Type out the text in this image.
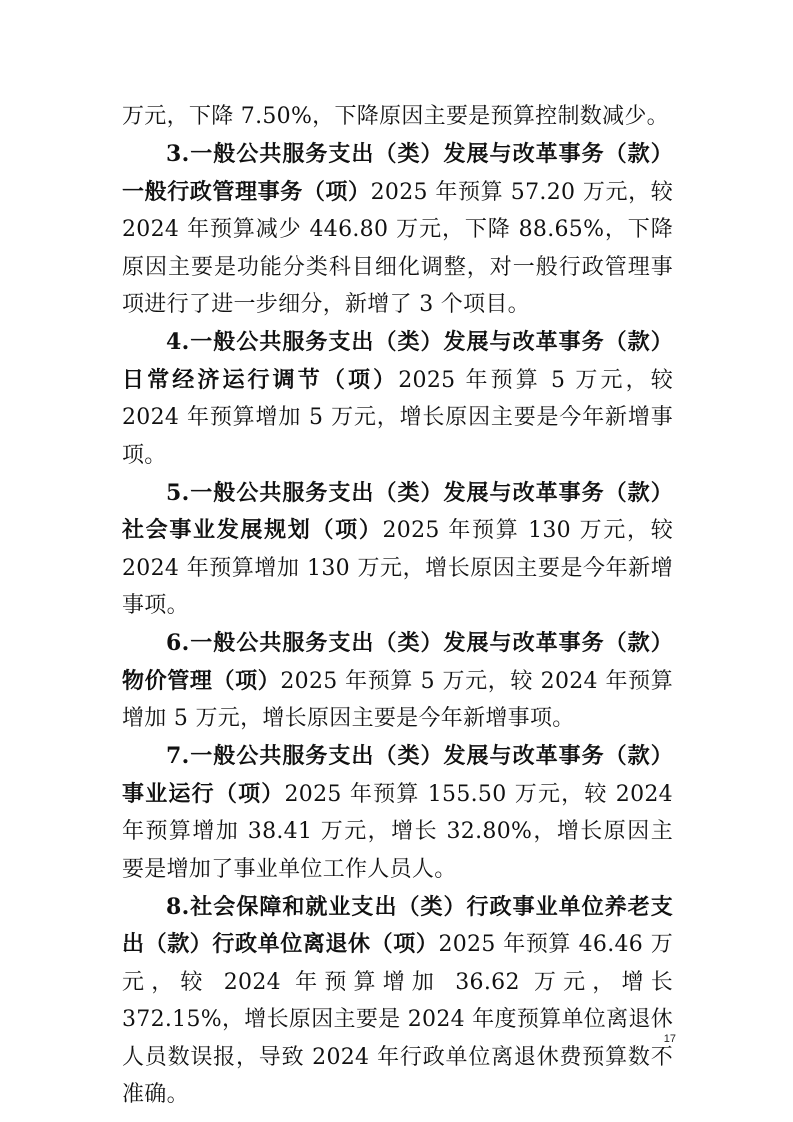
万元，下降 7.50%，下降原因主要是预算控制数减少。

3.一般公共服务支出（类）发展与改革事务（款）一般行政管理事务（项）2025 年预算 57.20 万元，较 2024 年预算减少 446.80 万元，下降 88.65%，下降原因主要是功能分类科目细化调整，对一般行政管理事项进行了进一步细分，新增了 3 个项目。

4.一般公共服务支出（类）发展与改革事务（款）日常经济运行调节（项）2025 年预算 5 万元，较 2024 年预算增加 5 万元，增长原因主要是今年新增事项。

5.一般公共服务支出（类）发展与改革事务（款）社会事业发展规划（项）2025 年预算 130 万元，较 2024 年预算增加 130 万元，增长原因主要是今年新增事项。

6.一般公共服务支出（类）发展与改革事务（款）物价管理（项）2025 年预算 5 万元，较 2024 年预算增加 5 万元，增长原因主要是今年新增事项。

7.一般公共服务支出（类）发展与改革事务（款）事业运行（项）2025 年预算 155.50 万元，较 2024 年预算增加 38.41 万元，增长 32.80%，增长原因主要是增加了事业单位工作人员人。

8.社会保障和就业支出（类）行政事业单位养老支出（款）行政单位离退休（项）2025 年预算 46.46 万元，较 2024 年预算增加 36.62 万元，增长 372.15%，增长原因主要是 2024 年度预算单位离退休人员数误报，导致 2024 年行政单位离退休费预算数不准确。

17
